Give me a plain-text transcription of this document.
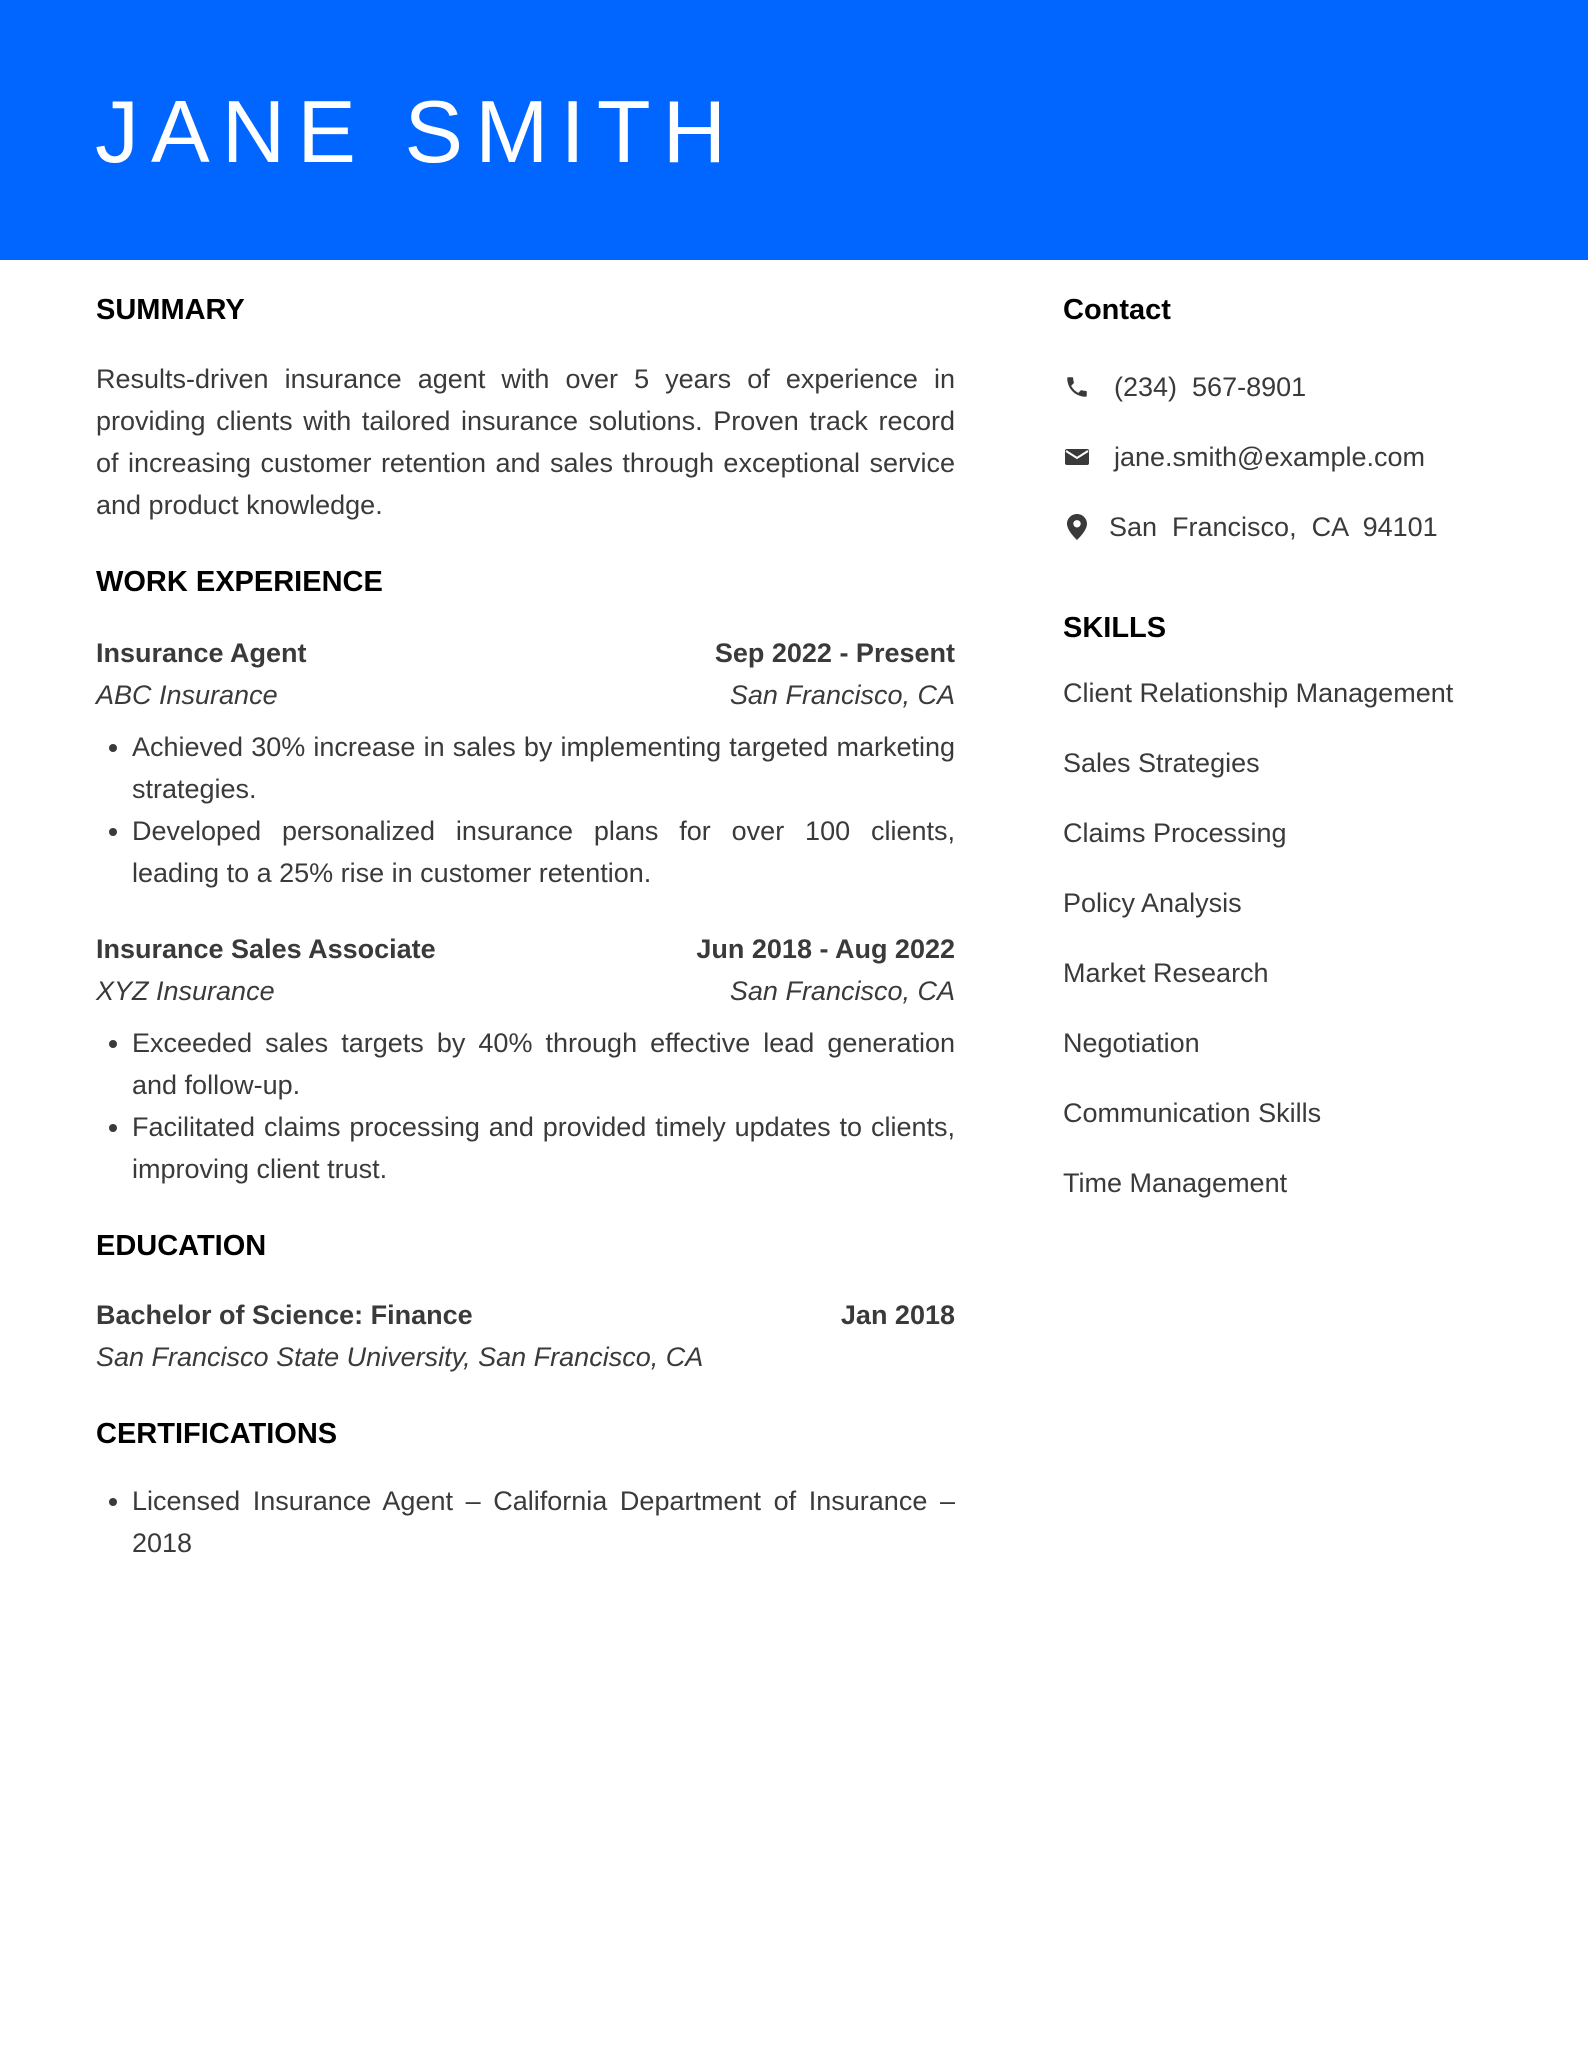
JANE SMITH
SUMMARY

Results-driven insurance agent with over 5 years of experience in providing clients with tailored insurance solutions. Proven track record of increasing customer retention and sales through exceptional service and product knowledge.

WORK EXPERIENCE
Insurance Agent	Sep 2022 - Present
ABC Insurance	San Francisco, CA
• Achieved 30% increase in sales by implementing targeted marketing strategies.
• Developed personalized insurance plans for over 100 clients, leading to a 25% rise in customer retention.
Insurance Sales Associate	Jun 2018 - Aug 2022
XYZ Insurance	San Francisco, CA
• Exceeded sales targets by 40% through effective lead generation and follow-up.
• Facilitated claims processing and provided timely updates to clients, improving client trust.
EDUCATION
Bachelor of Science: Finance	Jan 2018
San Francisco State University, San Francisco, CA
CERTIFICATIONS
• Licensed Insurance Agent – California Department of Insurance – 2018
Contact
(234)  567-8901
jane.smith@example.com
San  Francisco,  CA  94101
SKILLS
Client Relationship Management
Sales Strategies
Claims Processing
Policy Analysis
Market Research
Negotiation
Communication Skills
Time Management
